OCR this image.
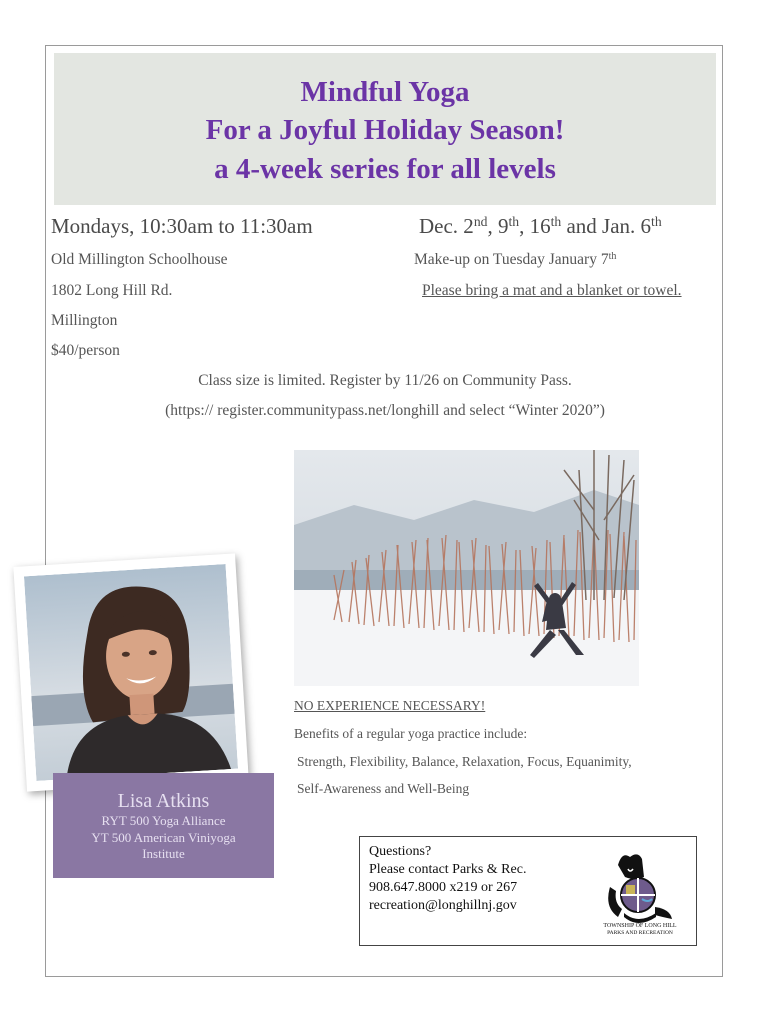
Mindful Yoga
For a Joyful Holiday Season!
a 4-week series for all levels
Mondays, 10:30am to 11:30am	Dec. 2nd, 9th, 16th and Jan. 6th
Old Millington Schoolhouse	Make-up on Tuesday January 7th
1802 Long Hill Rd.	Please bring a mat and a blanket or towel.
Millington
$40/person
Class size is limited. Register by 11/26 on Community Pass.
(https:// register.communitypass.net/longhill and select “Winter 2020”)
Lisa Atkins
RYT 500 Yoga Alliance
YT 500 American Viniyoga
Institute
NO EXPERIENCE NECESSARY!
Benefits of a regular yoga practice include:
Strength, Flexibility, Balance, Relaxation, Focus, Equanimity,
Self-Awareness and Well-Being
Questions?
Please contact Parks & Rec.
908.647.8000 x219 or 267
recreation@longhillnj.gov
TOWNSHIP OF LONG HILL
PARKS AND RECREATION
